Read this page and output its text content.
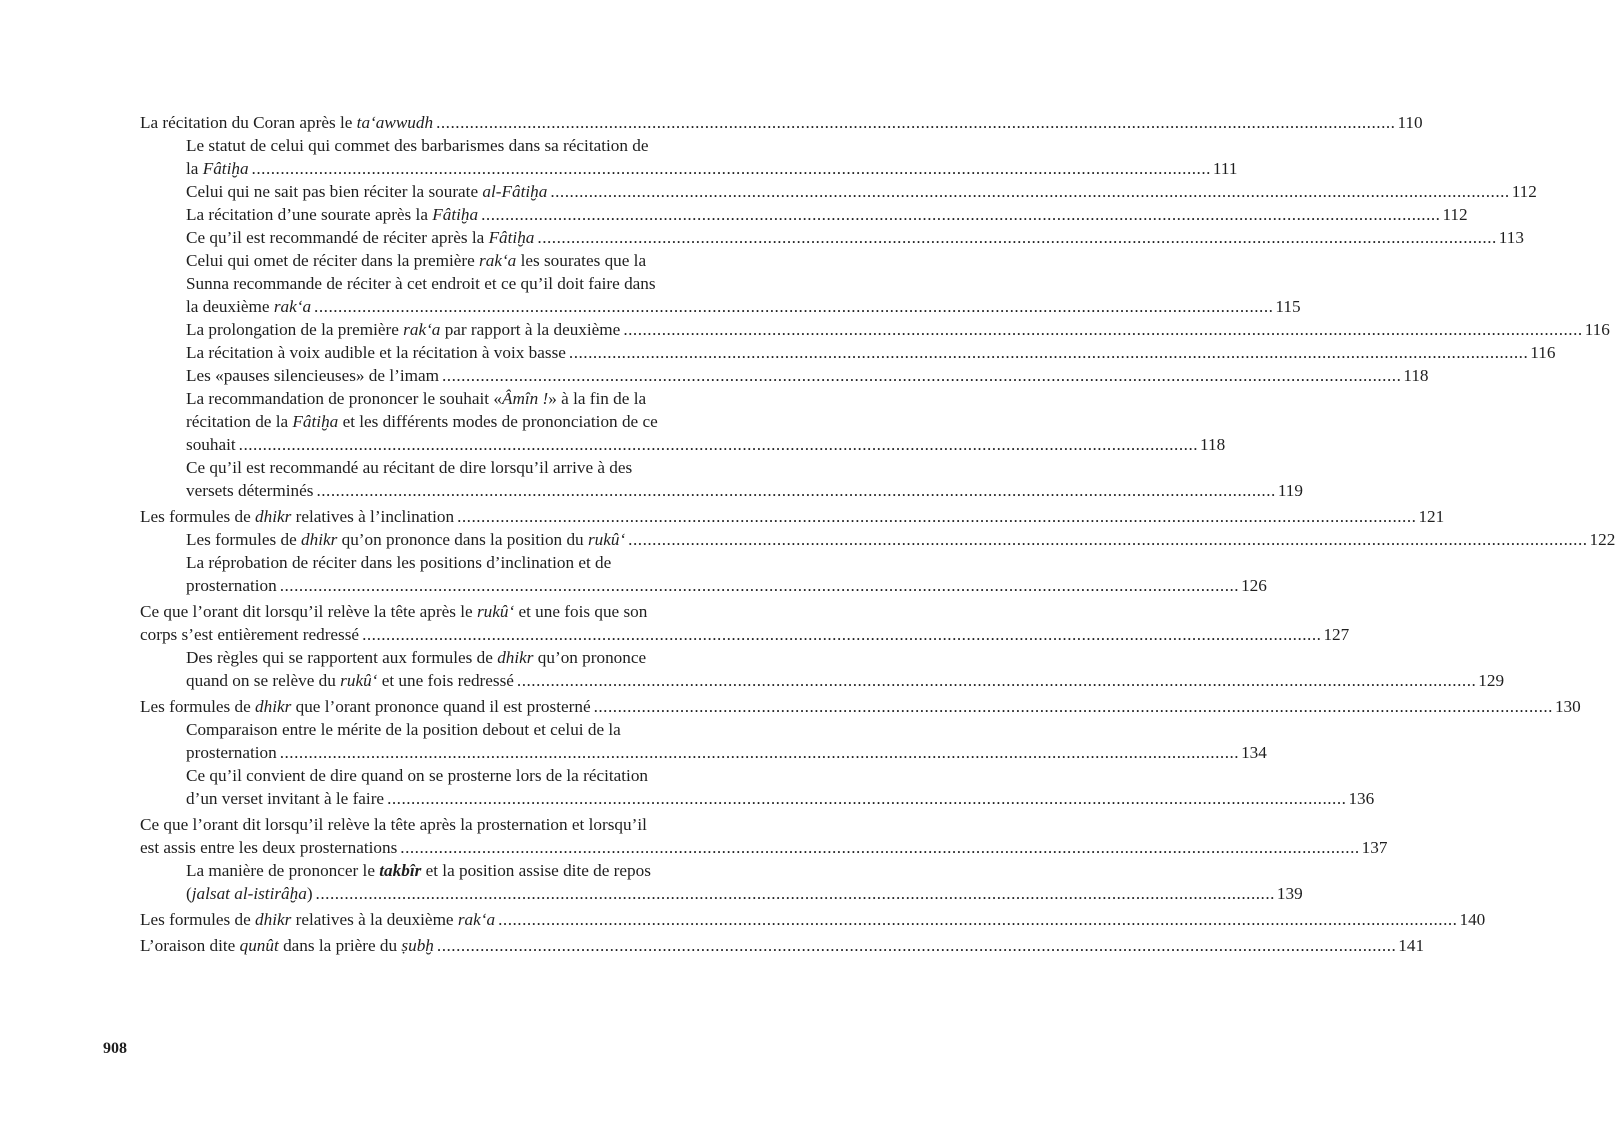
La récitation du Coran après le ta‘awwudh ........................................................................................................................................................................................................ 110
Le statut de celui qui commet des barbarismes dans sa récitation de
la Fâtiḫa ........................................................................................................................................................................................................ 111
Celui qui ne sait pas bien réciter la sourate al-Fâtiḫa ........................................................................................................................................................................................................ 112
La récitation d’une sourate après la Fâtiḫa ........................................................................................................................................................................................................ 112
Ce qu’il est recommandé de réciter après la Fâtiḫa ........................................................................................................................................................................................................ 113
Celui qui omet de réciter dans la première rak‘a les sourates que la
Sunna recommande de réciter à cet endroit et ce qu’il doit faire dans
la deuxième rak‘a ........................................................................................................................................................................................................ 115
La prolongation de la première rak‘a par rapport à la deuxième ........................................................................................................................................................................................................ 116
La récitation à voix audible et la récitation à voix basse ........................................................................................................................................................................................................ 116
Les «pauses silencieuses» de l’imam ........................................................................................................................................................................................................ 118
La recommandation de prononcer le souhait «Âmîn !» à la fin de la
récitation de la Fâtiḫa et les différents modes de prononciation de ce
souhait ........................................................................................................................................................................................................ 118
Ce qu’il est recommandé au récitant de dire lorsqu’il arrive à des
versets déterminés ........................................................................................................................................................................................................ 119
Les formules de dhikr relatives à l’inclination ........................................................................................................................................................................................................ 121
Les formules de dhikr qu’on prononce dans la position du rukû‘ ........................................................................................................................................................................................................ 122
La réprobation de réciter dans les positions d’inclination et de
prosternation ........................................................................................................................................................................................................ 126
Ce que l’orant dit lorsqu’il relève la tête après le rukû‘ et une fois que son
corps s’est entièrement redressé ........................................................................................................................................................................................................ 127
Des règles qui se rapportent aux formules de dhikr qu’on prononce
quand on se relève du rukû‘ et une fois redressé ........................................................................................................................................................................................................ 129
Les formules de dhikr que l’orant prononce quand il est prosterné ........................................................................................................................................................................................................ 130
Comparaison entre le mérite de la position debout et celui de la
prosternation ........................................................................................................................................................................................................ 134
Ce qu’il convient de dire quand on se prosterne lors de la récitation
d’un verset invitant à le faire ........................................................................................................................................................................................................ 136
Ce que l’orant dit lorsqu’il relève la tête après la prosternation et lorsqu’il
est assis entre les deux prosternations ........................................................................................................................................................................................................ 137
La manière de prononcer le takbîr et la position assise dite de repos
(jalsat al-istirâḫa) ........................................................................................................................................................................................................ 139
Les formules de dhikr relatives à la deuxième rak‘a ........................................................................................................................................................................................................ 140
L’oraison dite qunût dans la prière du ṣubḫ ........................................................................................................................................................................................................ 141
908
